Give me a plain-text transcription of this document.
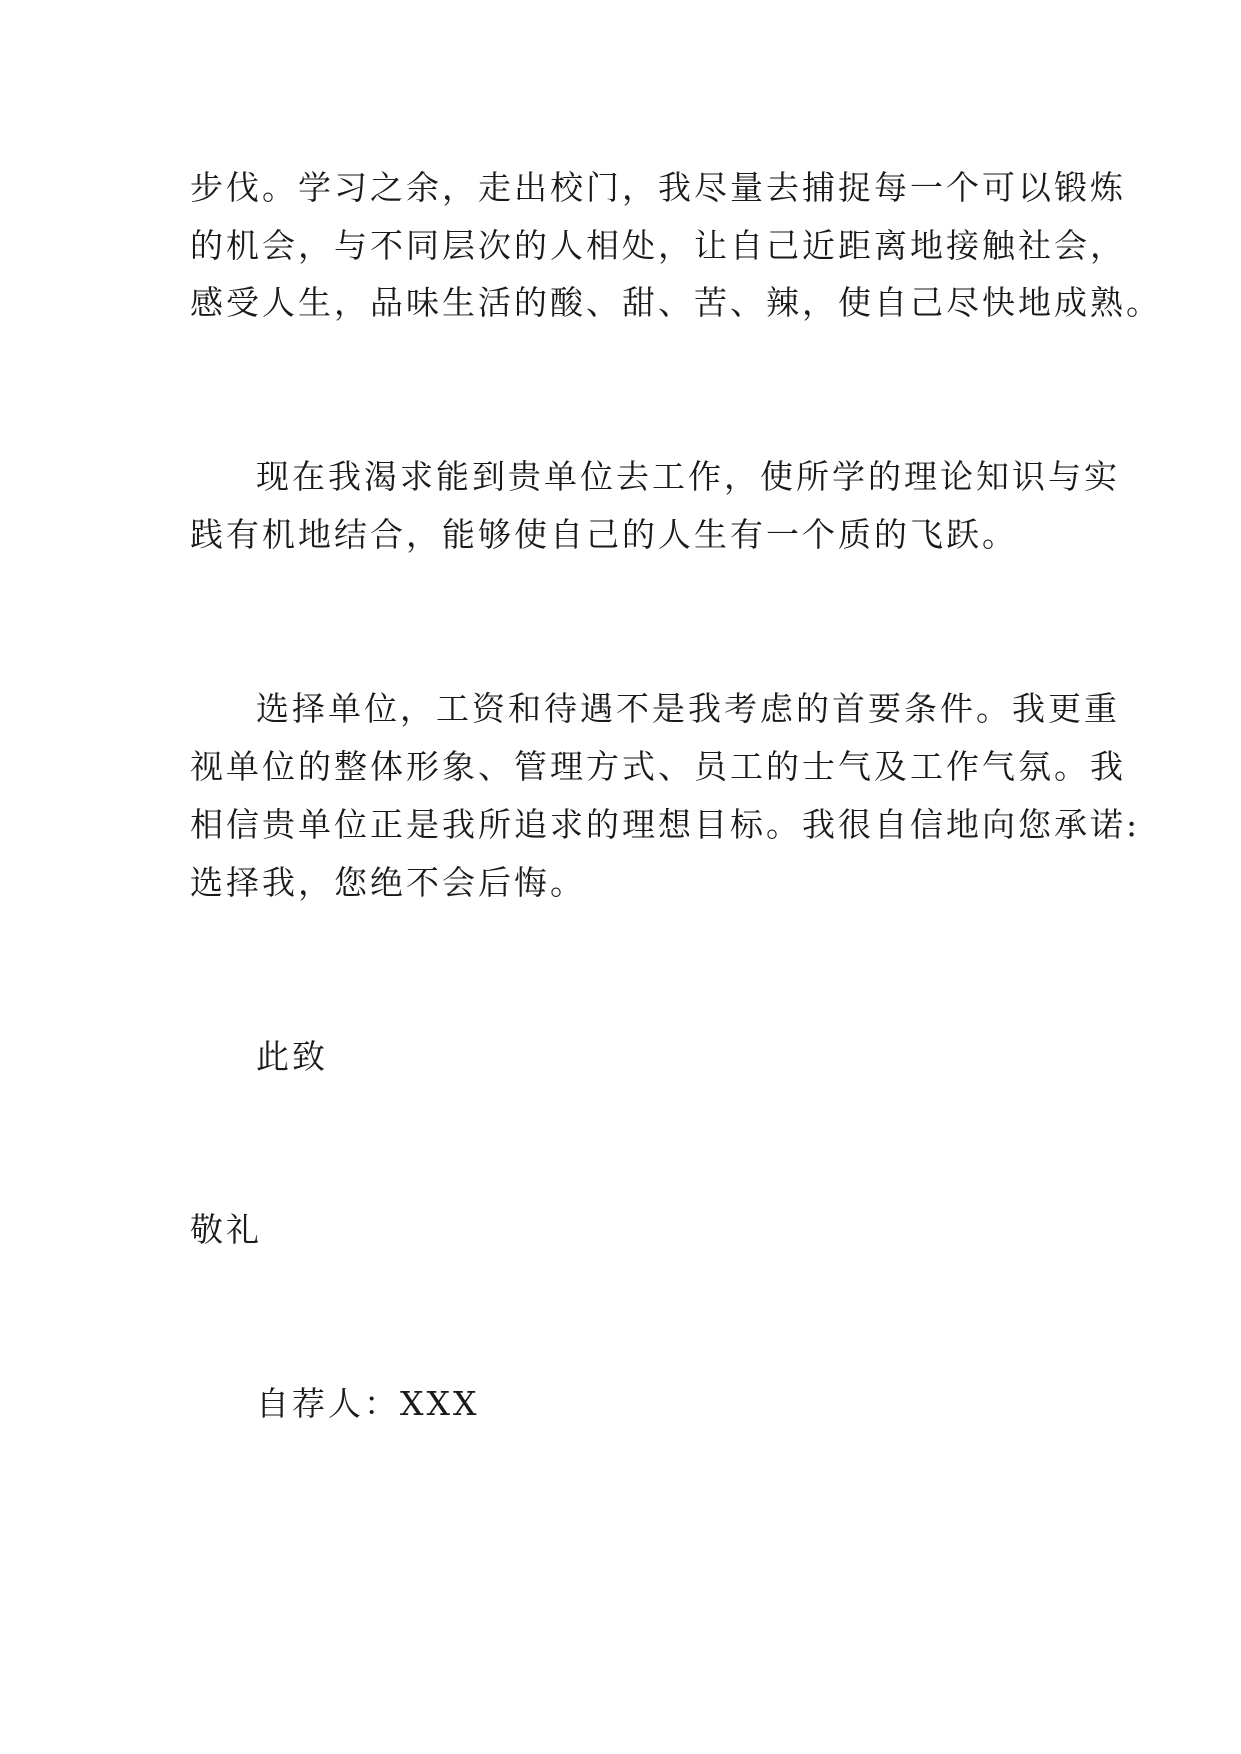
步伐。学习之余，走出校门，我尽量去捕捉每一个可以锻炼
的机会，与不同层次的人相处，让自己近距离地接触社会，
感受人生，品味生活的酸、甜、苦、辣，使自己尽快地成熟。
现在我渴求能到贵单位去工作，使所学的理论知识与实
践有机地结合，能够使自己的人生有一个质的飞跃。
选择单位，工资和待遇不是我考虑的首要条件。我更重
视单位的整体形象、管理方式、员工的士气及工作气氛。我
相信贵单位正是我所追求的理想目标。我很自信地向您承诺:
选择我，您绝不会后悔。
此致
敬礼
自荐人：XXX
